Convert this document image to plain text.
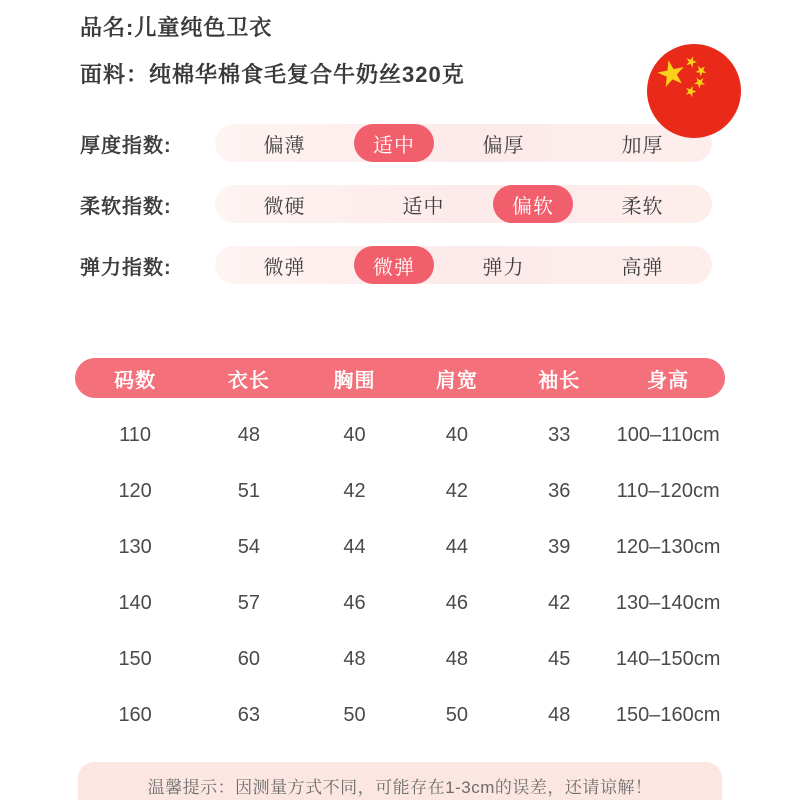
品名:儿童纯色卫衣
面料：纯棉华棉食毛复合牛奶丝320克
厚度指数:	偏薄	适中	偏厚	加厚
柔软指数:	微硬	适中	偏软	柔软
弹力指数:	微弹	微弹	弹力	高弹
码数	衣长	胸围	肩宽	袖长	身高
110	48	40	40	33	100–110cm
120	51	42	42	36	110–120cm
130	54	44	44	39	120–130cm
140	57	46	46	42	130–140cm
150	60	48	48	45	140–150cm
160	63	50	50	48	150–160cm
温馨提示：因测量方式不同，可能存在1-3cm的误差，还请谅解！
